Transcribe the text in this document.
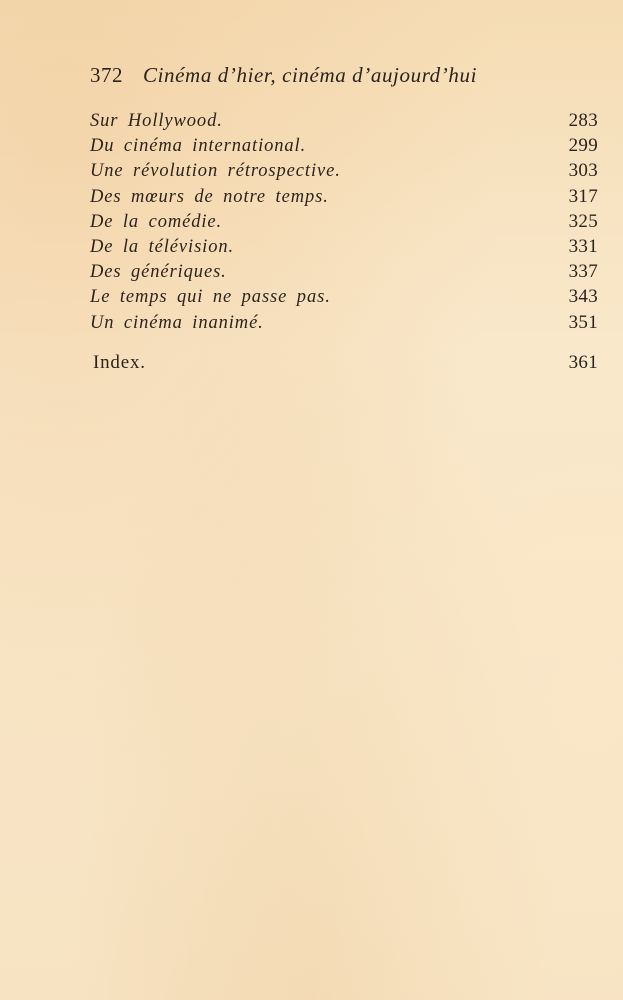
372 Cinéma d’hier, cinéma d’aujourd’hui
Sur Hollywood.	283
Du cinéma international.	299
Une révolution rétrospective.	303
Des mœurs de notre temps.	317
De la comédie.	325
De la télévision.	331
Des génériques.	337
Le temps qui ne passe pas.	343
Un cinéma inanimé.	351
Index.	361
